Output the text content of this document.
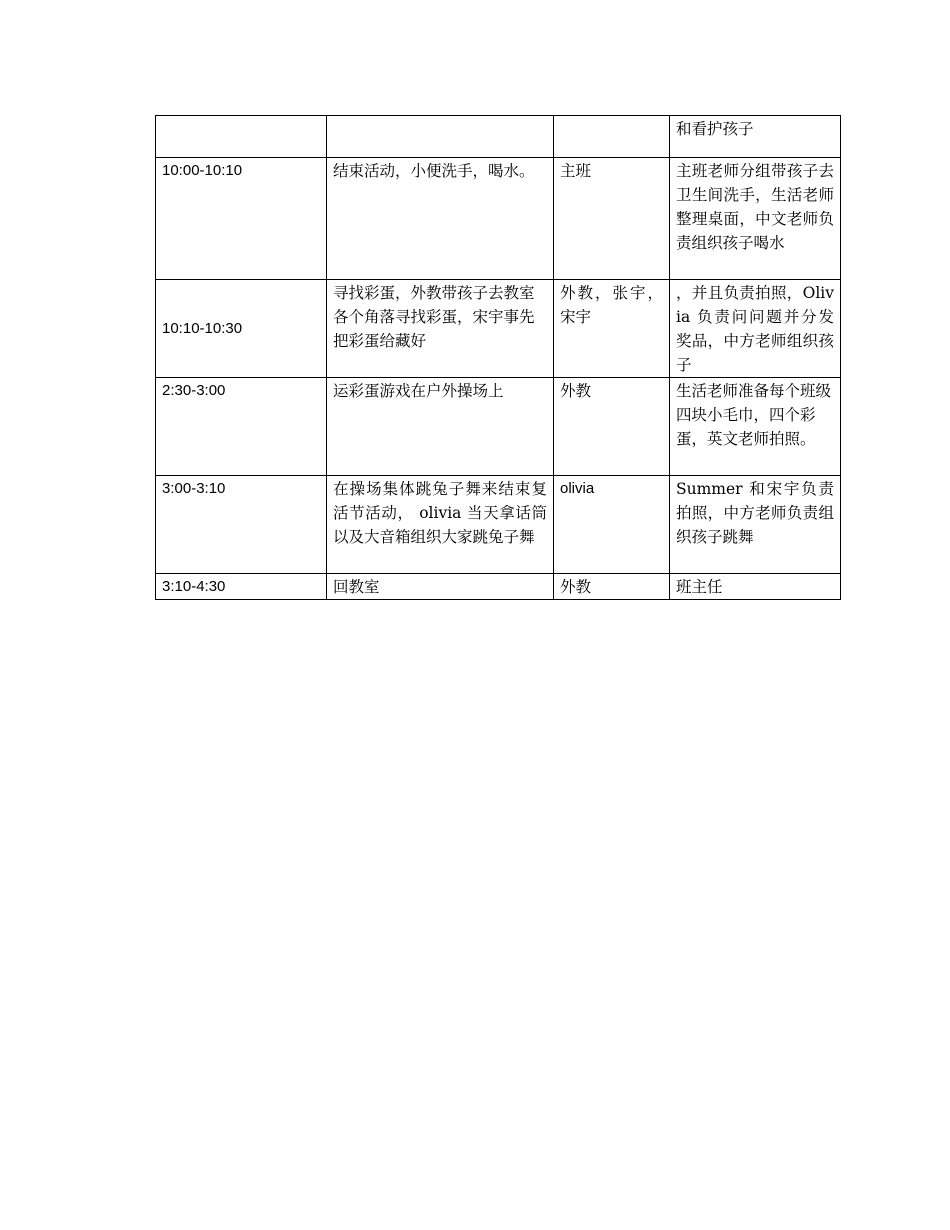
			和看护孩子
10:00-10:10	结束活动，小便洗手，喝水。	主班	主班老师分组带孩子去卫生间洗手，生活老师整理桌面，中文老师负责组织孩子喝水
10:10-10:30	寻找彩蛋，外教带孩子去教室各个角落寻找彩蛋，宋宇事先把彩蛋给藏好	外教，张宇，宋宇	，并且负责拍照，Olivia 负责问问题并分发奖品，中方老师组织孩子
2:30-3:00	运彩蛋游戏在户外操场上	外教	生活老师准备每个班级四块小毛巾，四个彩蛋，英文老师拍照。
3:00-3:10	在操场集体跳兔子舞来结束复活节活动， olivia 当天拿话筒以及大音箱组织大家跳兔子舞	olivia	Summer 和宋宇负责拍照，中方老师负责组织孩子跳舞
3:10-4:30	回教室	外教	班主任
